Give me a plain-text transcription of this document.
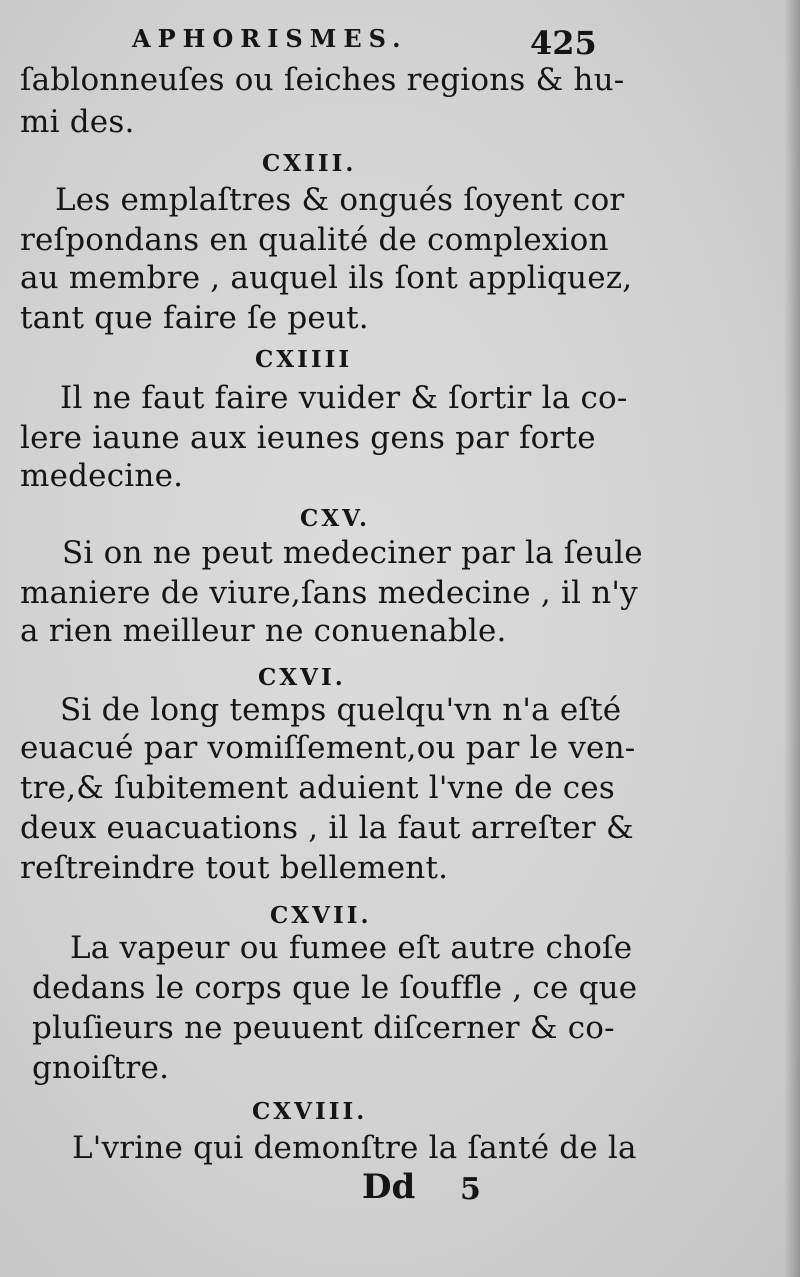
APHORISMES.	425
ſablonneuſes ou ſeiches regions & hu-
mi des.
CXIII.
Les emplaſtres & ongués ſoyent cor
reſpondans en qualité de complexion
au membre , auquel ils ſont appliquez,
tant que faire ſe peut.
CXIIII
Il ne faut faire vuider & ſortir la co-
lere iaune aux ieunes gens par forte
medecine.
CXV.
Si on ne peut medeciner par la ſeule
maniere de viure,ſans medecine , il n'y
a rien meilleur ne conuenable.
CXVI.
Si de long temps quelqu'vn n'a eſté
euacué par vomiſſement,ou par le ven-
tre,& ſubitement aduient l'vne de ces
deux euacuations , il la faut arreſter &
reſtreindre tout bellement.
CXVII.
La vapeur ou fumee eſt autre choſe
dedans le corps que le ſouffle , ce que
pluſieurs ne peuuent diſcerner & co-
gnoiſtre.
CXVIII.
L'vrine qui demonſtre la ſanté de la
Dd 5
